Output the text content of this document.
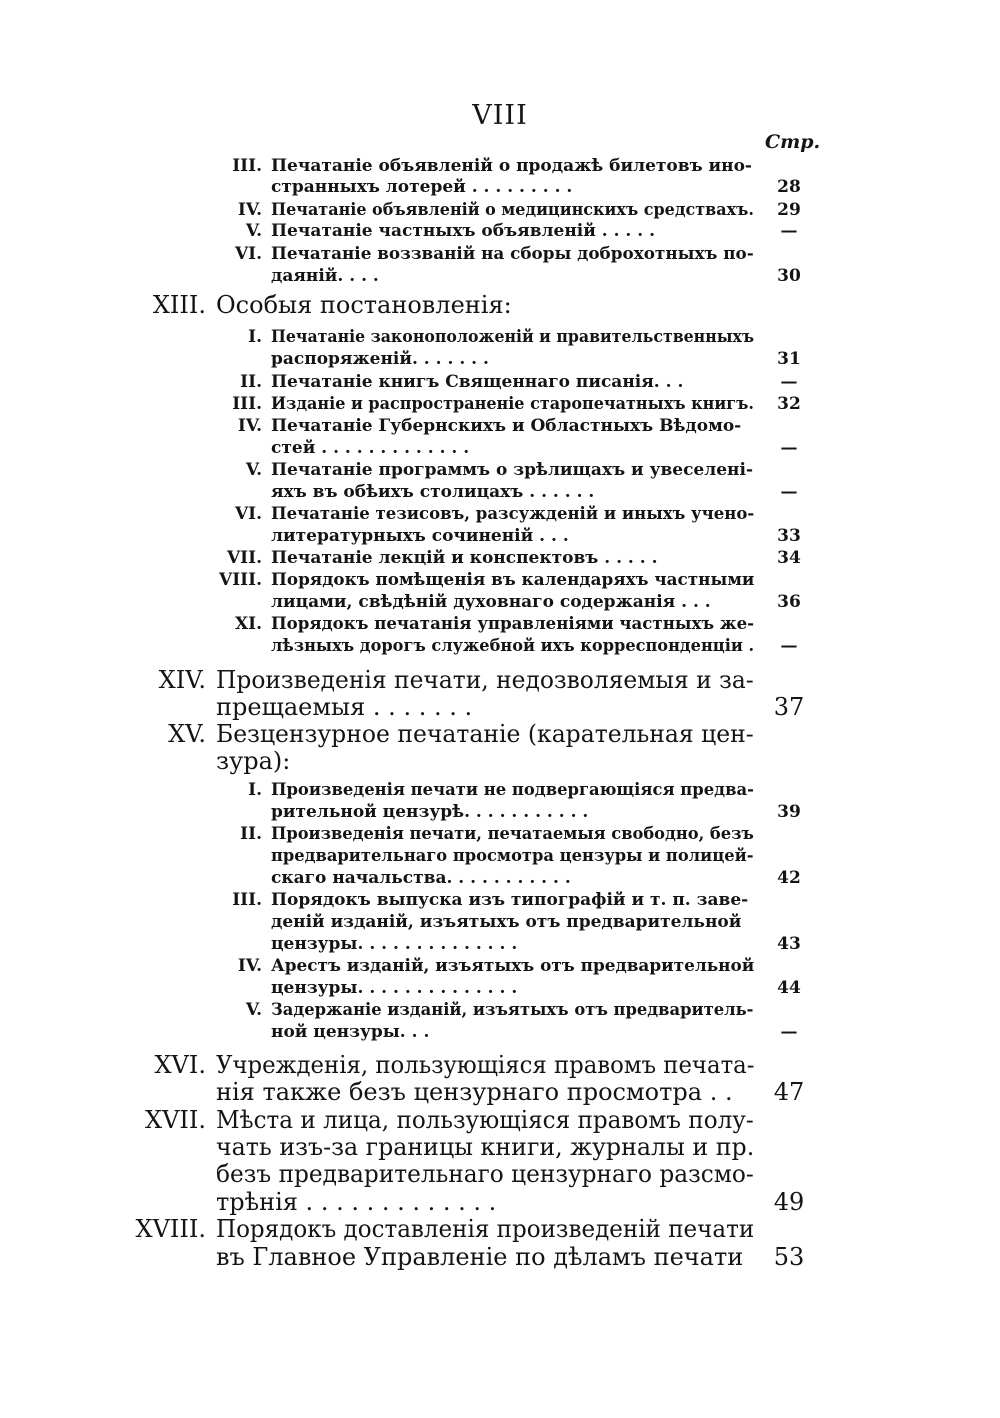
VIII
Стр.
III. Печатаніе объявленій о продажѣ билетовъ ино-
странныхъ лотерей . . . . . . . . .	28
IV. Печатаніе объявленій о медицинскихъ средствахъ.	29
V. Печатаніе частныхъ объявленій . . . . .	—
VI. Печатаніе воззваній на сборы доброхотныхъ по-
даяній. . . .	30
XIII. Особыя постановленія:
I. Печатаніе законоположеній и правительственныхъ
распоряженій. . . . . . .	31
II. Печатаніе книгъ Священнаго писанія. . .	—
III. Изданіе и распространеніе старопечатныхъ книгъ.	32
IV. Печатаніе Губернскихъ и Областныхъ Вѣдомо-
стей . . . . . . . . . . . . .	—
V. Печатаніе программъ о зрѣлищахъ и увеселені-
яхъ въ обѣихъ столицахъ . . . . . .	—
VI. Печатаніе тезисовъ, разсужденій и иныхъ учено-
литературныхъ сочиненій . . .	33
VII. Печатаніе лекцій и конспектовъ . . . . .	34
VIII. Порядокъ помѣщенія въ календаряхъ частными
лицами, свѣдѣній духовнаго содержанія . . .	36
XI. Порядокъ печатанія управленіями частныхъ же-
лѣзныхъ дорогъ служебной ихъ корреспонденціи .	—
XIV. Произведенія печати, недозволяемыя и за-
прещаемыя . . . . . . .	37
XV. Безцензурное печатаніе (карательная цен-
зура):
I. Произведенія печати не подвергающіяся предва-
рительной цензурѣ. . . . . . . . . . .	39
II. Произведенія печати, печатаемыя свободно, безъ
предварительнаго просмотра цензуры и полицей-
скаго начальства. . . . . . . . . . .	42
III. Порядокъ выпуска изъ типографій и т. п. заве-
деній изданій, изъятыхъ отъ предварительной
цензуры. . . . . . . . . . . . . .	43
IV. Арестъ изданій, изъятыхъ отъ предварительной
цензуры. . . . . . . . . . . . . .	44
V. Задержаніе изданій, изъятыхъ отъ предваритель-
ной цензуры. . .	—
XVI. Учрежденія, пользующіяся правомъ печата-
нія также безъ цензурнаго просмотра . .	47
XVII. Мѣста и лица, пользующіяся правомъ полу-
чать изъ-за границы книги, журналы и пр.
безъ предварительнаго цензурнаго разсмо-
трѣнія . . . . . . . . . . . . .	49
XVIII. Порядокъ доставленія произведеній печати
въ Главное Управленіе по дѣламъ печати	53
